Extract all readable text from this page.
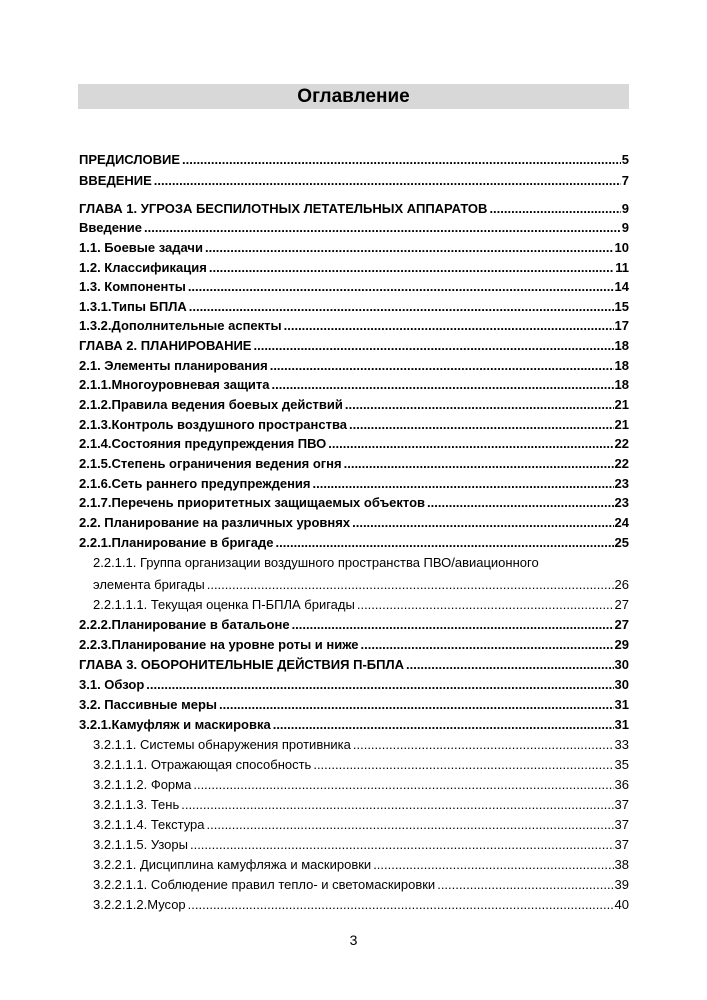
Оглавление
ПРЕДИСЛОВИЕ .....	5
ВВЕДЕНИЕ .....	7
ГЛАВА 1. УГРОЗА БЕСПИЛОТНЫХ ЛЕТАТЕЛЬНЫХ АППАРАТОВ .....	9
Введение .....	9
1.1. Боевые задачи .....	10
1.2. Классификация .....	11
1.3. Компоненты .....	14
1.3.1. Типы БПЛА .....	15
1.3.2. Дополнительные аспекты .....	17
ГЛАВА 2. ПЛАНИРОВАНИЕ .....	18
2.1. Элементы планирования .....	18
2.1.1. Многоуровневая защита .....	18
2.1.2. Правила ведения боевых действий .....	21
2.1.3. Контроль воздушного пространства .....	21
2.1.4. Состояния предупреждения ПВО .....	22
2.1.5. Степень ограничения ведения огня .....	22
2.1.6. Сеть раннего предупреждения .....	23
2.1.7. Перечень приоритетных защищаемых объектов .....	23
2.2. Планирование на различных уровнях .....	24
2.2.1. Планирование в бригаде .....	25
2.2.1.1. Группа организации воздушного пространства ПВО/авиационного
элемента бригады .....	26
2.2.1.1.1. Текущая оценка П-БПЛА бригады .....	27
2.2.2. Планирование в батальоне .....	27
2.2.3. Планирование на уровне роты и ниже .....	29
ГЛАВА 3. ОБОРОНИТЕЛЬНЫЕ ДЕЙСТВИЯ П-БПЛА .....	30
3.1. Обзор .....	30
3.2. Пассивные меры .....	31
3.2.1. Камуфляж и маскировка .....	31
3.2.1.1. Системы обнаружения противника .....	33
3.2.1.1.1. Отражающая способность .....	35
3.2.1.1.2. Форма .....	36
3.2.1.1.3. Тень .....	37
3.2.1.1.4. Текстура .....	37
3.2.1.1.5. Узоры .....	37
3.2.2.1. Дисциплина камуфляжа и маскировки .....	38
3.2.2.1.1. Соблюдение правил тепло- и светомаскировки .....	39
3.2.2.1.2. Мусор .....	40
3
